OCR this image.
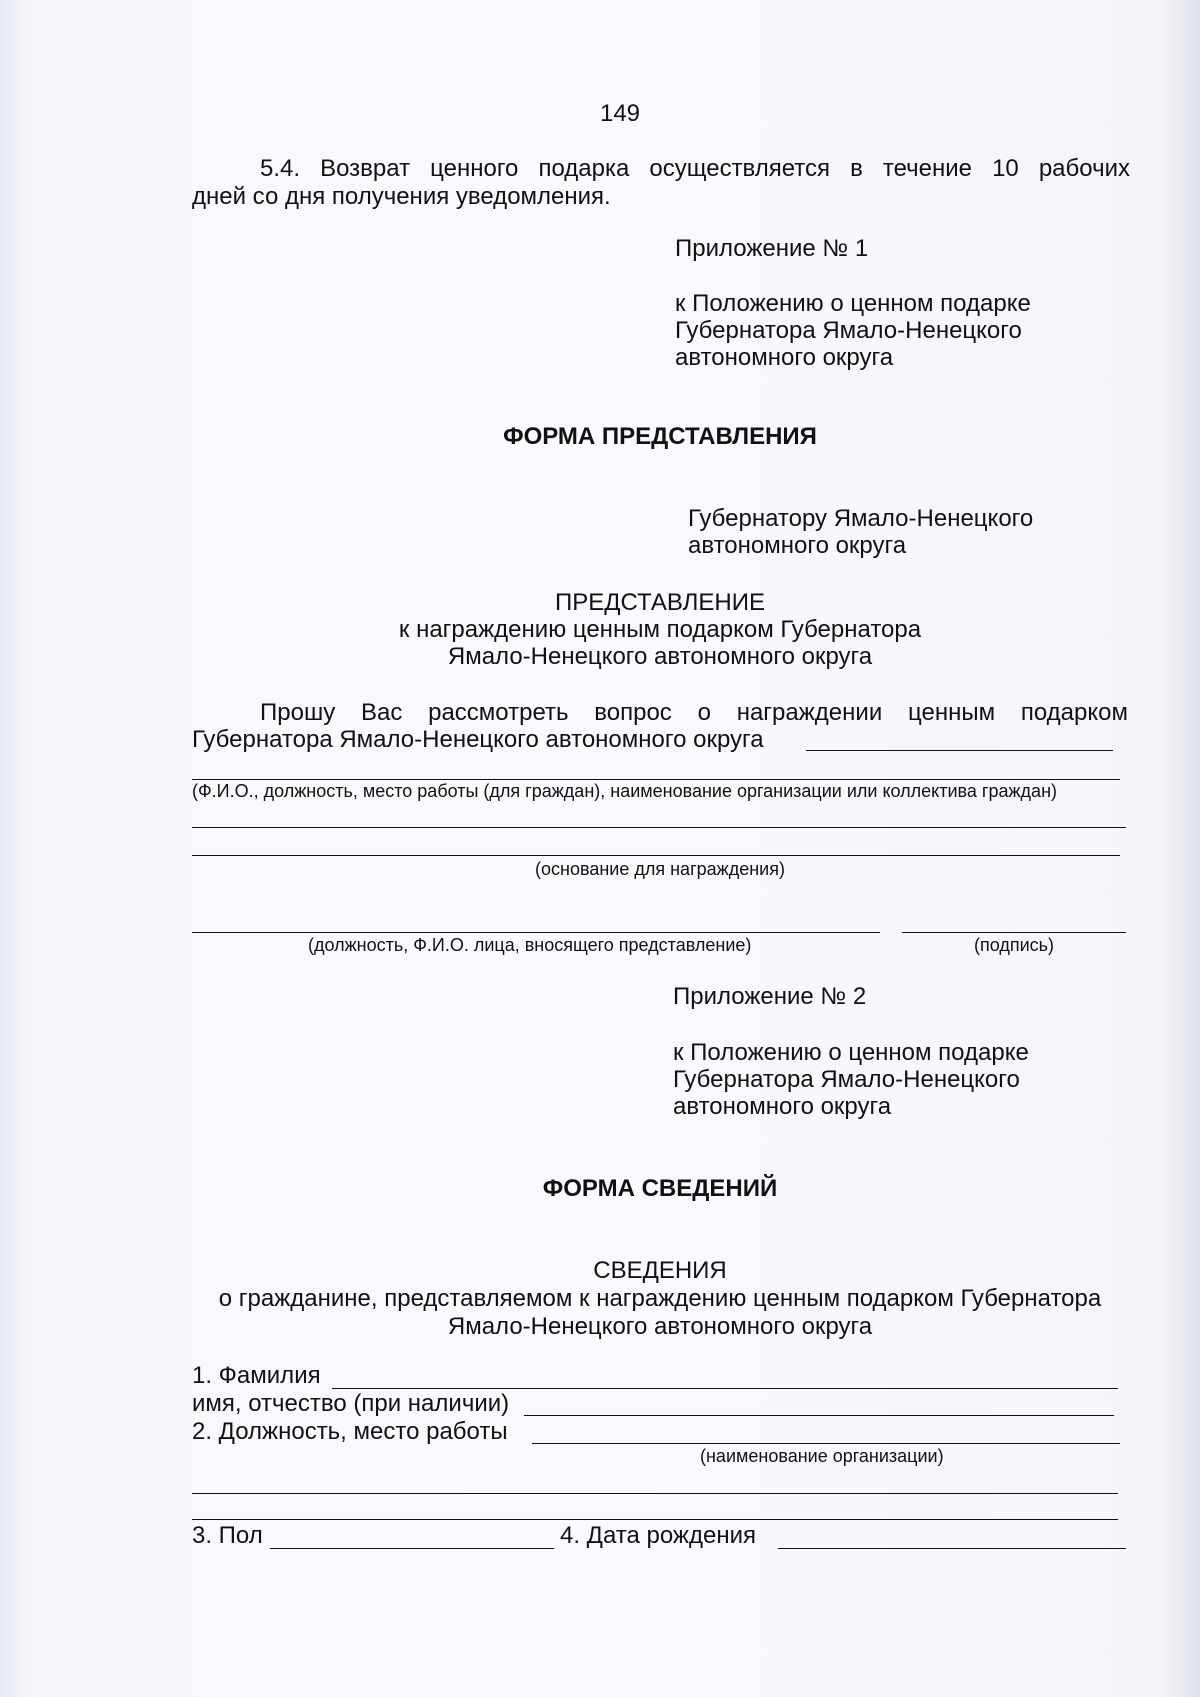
149
5.4. Возврат ценного подарка осуществляется в течение 10 рабочих
дней со дня получения уведомления.
Приложение № 1
к Положению о ценном подарке
Губернатора Ямало-Ненецкого
автономного округа
ФОРМА ПРЕДСТАВЛЕНИЯ
Губернатору Ямало-Ненецкого
автономного округа
ПРЕДСТАВЛЕНИЕ
к награждению ценным подарком Губернатора
Ямало-Ненецкого автономного округа
Прошу Вас рассмотреть вопрос о награждении ценным подарком
Губернатора Ямало-Ненецкого автономного округа
(Ф.И.О., должность, место работы (для граждан), наименование организации или коллектива граждан)
(основание для награждения)
(должность, Ф.И.О. лица, вносящего представление)	(подпись)
Приложение № 2
к Положению о ценном подарке
Губернатора Ямало-Ненецкого
автономного округа
ФОРМА СВЕДЕНИЙ
СВЕДЕНИЯ
о гражданине, представляемом к награждению ценным подарком Губернатора
Ямало-Ненецкого автономного округа
1. Фамилия
имя, отчество (при наличии)
2. Должность, место работы
(наименование организации)
3. Пол	4. Дата рождения
